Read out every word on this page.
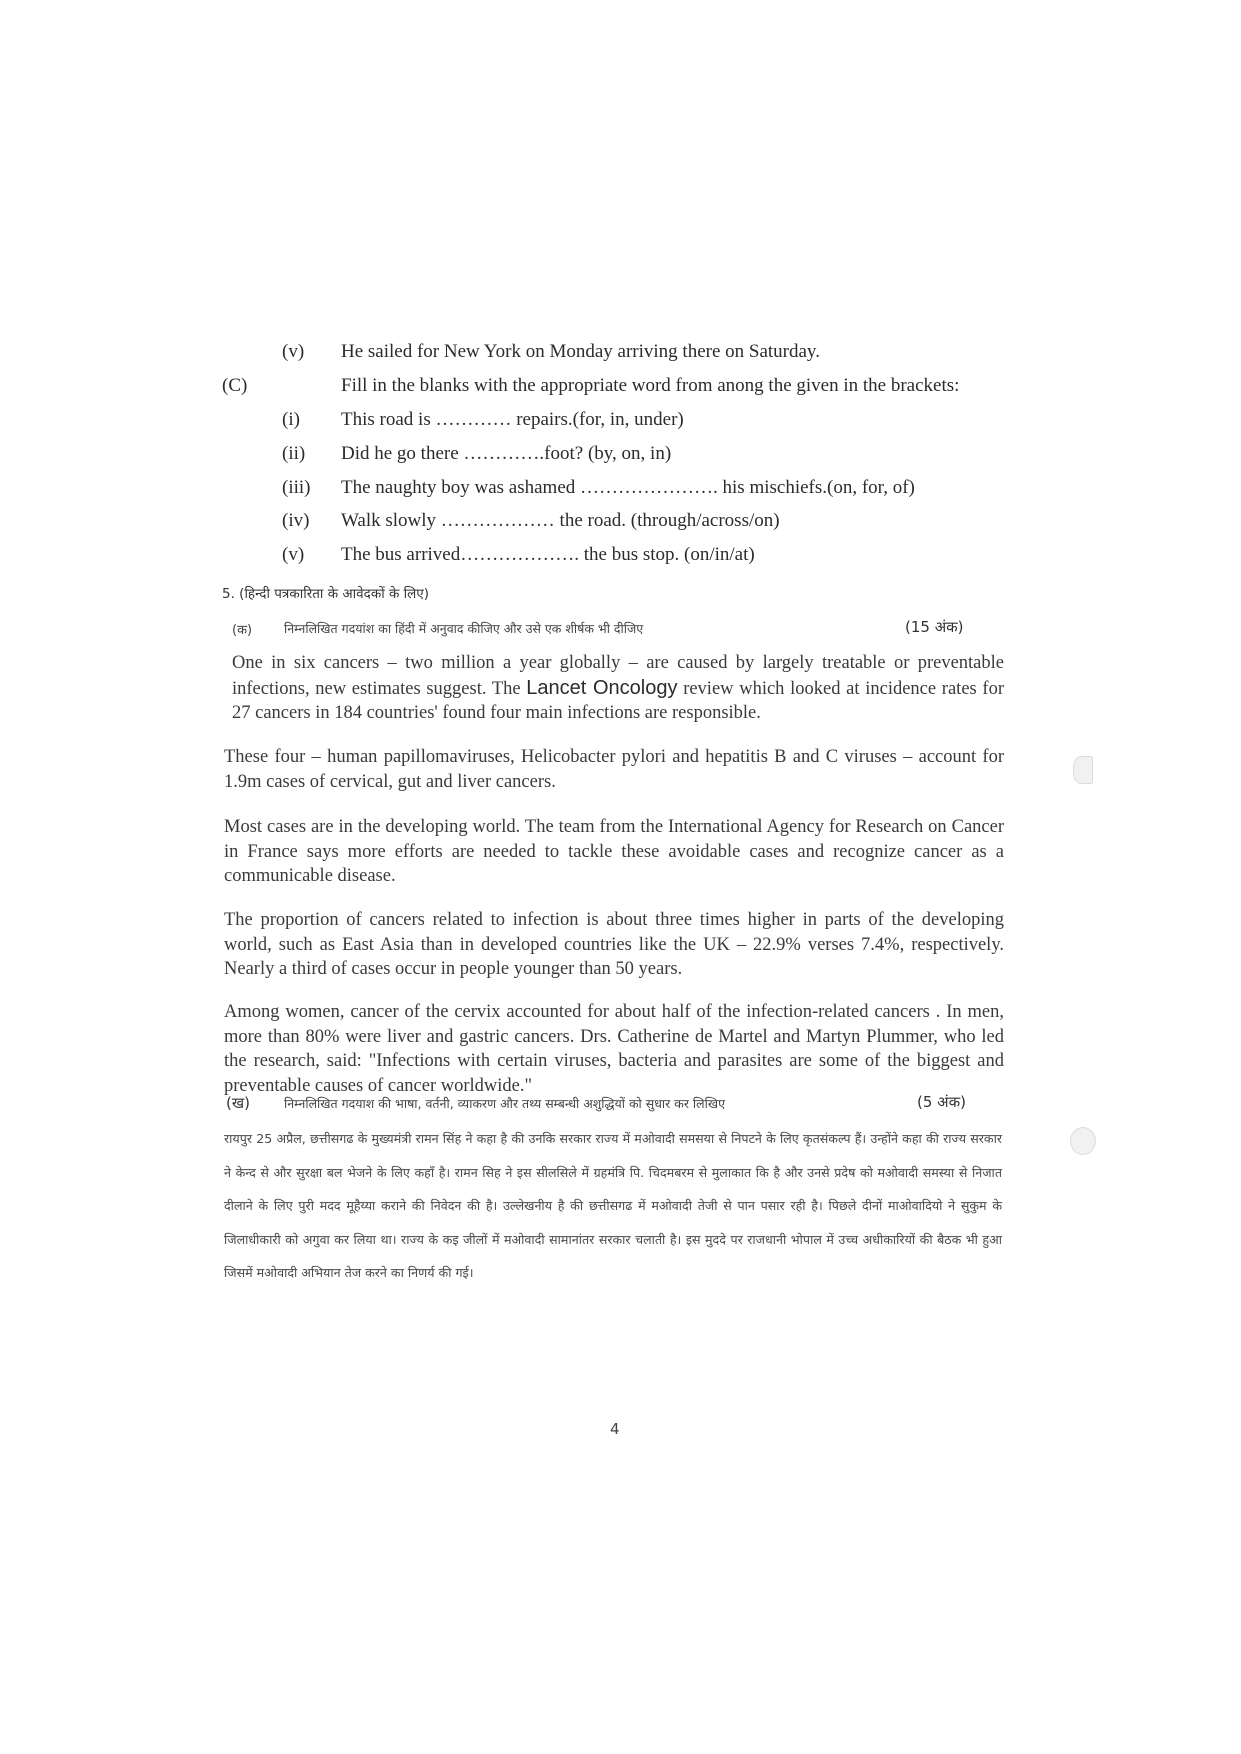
(v) He sailed for New York on Monday arriving there on Saturday.
(C)	Fill in the blanks with the appropriate word from anong the given in the brackets:
(i) This road is ………… repairs.(for, in, under)
(ii) Did he go there ………….foot? (by, on, in)
(iii) The naughty boy was ashamed …………………. his mischiefs.(on, for, of)
(iv) Walk slowly ……………… the road. (through/across/on)
(v) The bus arrived………………. the bus stop. (on/in/at)
5. (हिन्दी पत्रकारिता के आवेदकों के लिए)
(क)	निम्नलिखित गदयांश का हिंदी में अनुवाद कीजिए और उसे एक शीर्षक भी दीजिए	(15 अंक)
One in six cancers – two million a year globally – are caused by largely treatable or preventable infections, new estimates suggest. The Lancet Oncology review which looked at incidence rates for 27 cancers in 184 countries' found four main infections are responsible.
These four – human papillomaviruses, Helicobacter pylori and hepatitis B and C viruses – account for 1.9m cases of cervical, gut and liver cancers.
Most cases are in the developing world. The team from the International Agency for Research on Cancer in France says more efforts are needed to tackle these avoidable cases and recognize cancer as a communicable disease.
The proportion of cancers related to infection is about three times higher in parts of the developing world, such as East Asia than in developed countries like the UK – 22.9% verses 7.4%, respectively. Nearly a third of cases occur in people younger than 50 years.
Among women, cancer of the cervix accounted for about half of the infection-related cancers . In men, more than 80% were liver and gastric cancers. Drs. Catherine de Martel and Martyn Plummer, who led the research, said: "Infections with certain viruses, bacteria and parasites are some of the biggest and preventable causes of cancer worldwide."
(ख)	निम्नलिखित गदयाश की भाषा, वर्तनी, व्याकरण और तथ्य सम्बन्धी अशुद्धियों को सुधार कर लिखिए	(5 अंक)
रायपुर 25 अप्रैल, छत्तीसगढ के मुख्यमंत्री रामन सिंह ने कहा है की उनकि सरकार राज्य में मओवादी समसया से निपटने के लिए कृतसंकल्प हैं। उन्होंने कहा की राज्य सरकार ने केन्द से और सुरक्षा बल भेजने के लिए कहाँ है। रामन सिह ने इस सीलसिले में ग्रहमंत्रि पि. चिदमबरम से मुलाकात कि है और उनसे प्रदेष को मओवादी समस्या से निजात दीलाने के लिए पुरी मदद मूहैय्या कराने की निवेदन की है। उल्लेखनीय है की छत्तीसगढ में मओवादी तेजी से पान पसार रही है। पिछले दीनों माओवादियो ने सुकुम के जिलाधीकारी को अगुवा कर लिया था। राज्य के कइ जीलों में मओवादी सामानांतर सरकार चलाती है। इस मुददे पर राजधानी भोपाल में उच्च अधीकारियों की बैठक भी हुआ जिसमें मओवादी अभियान तेज करने का निणर्य की गई।
4
